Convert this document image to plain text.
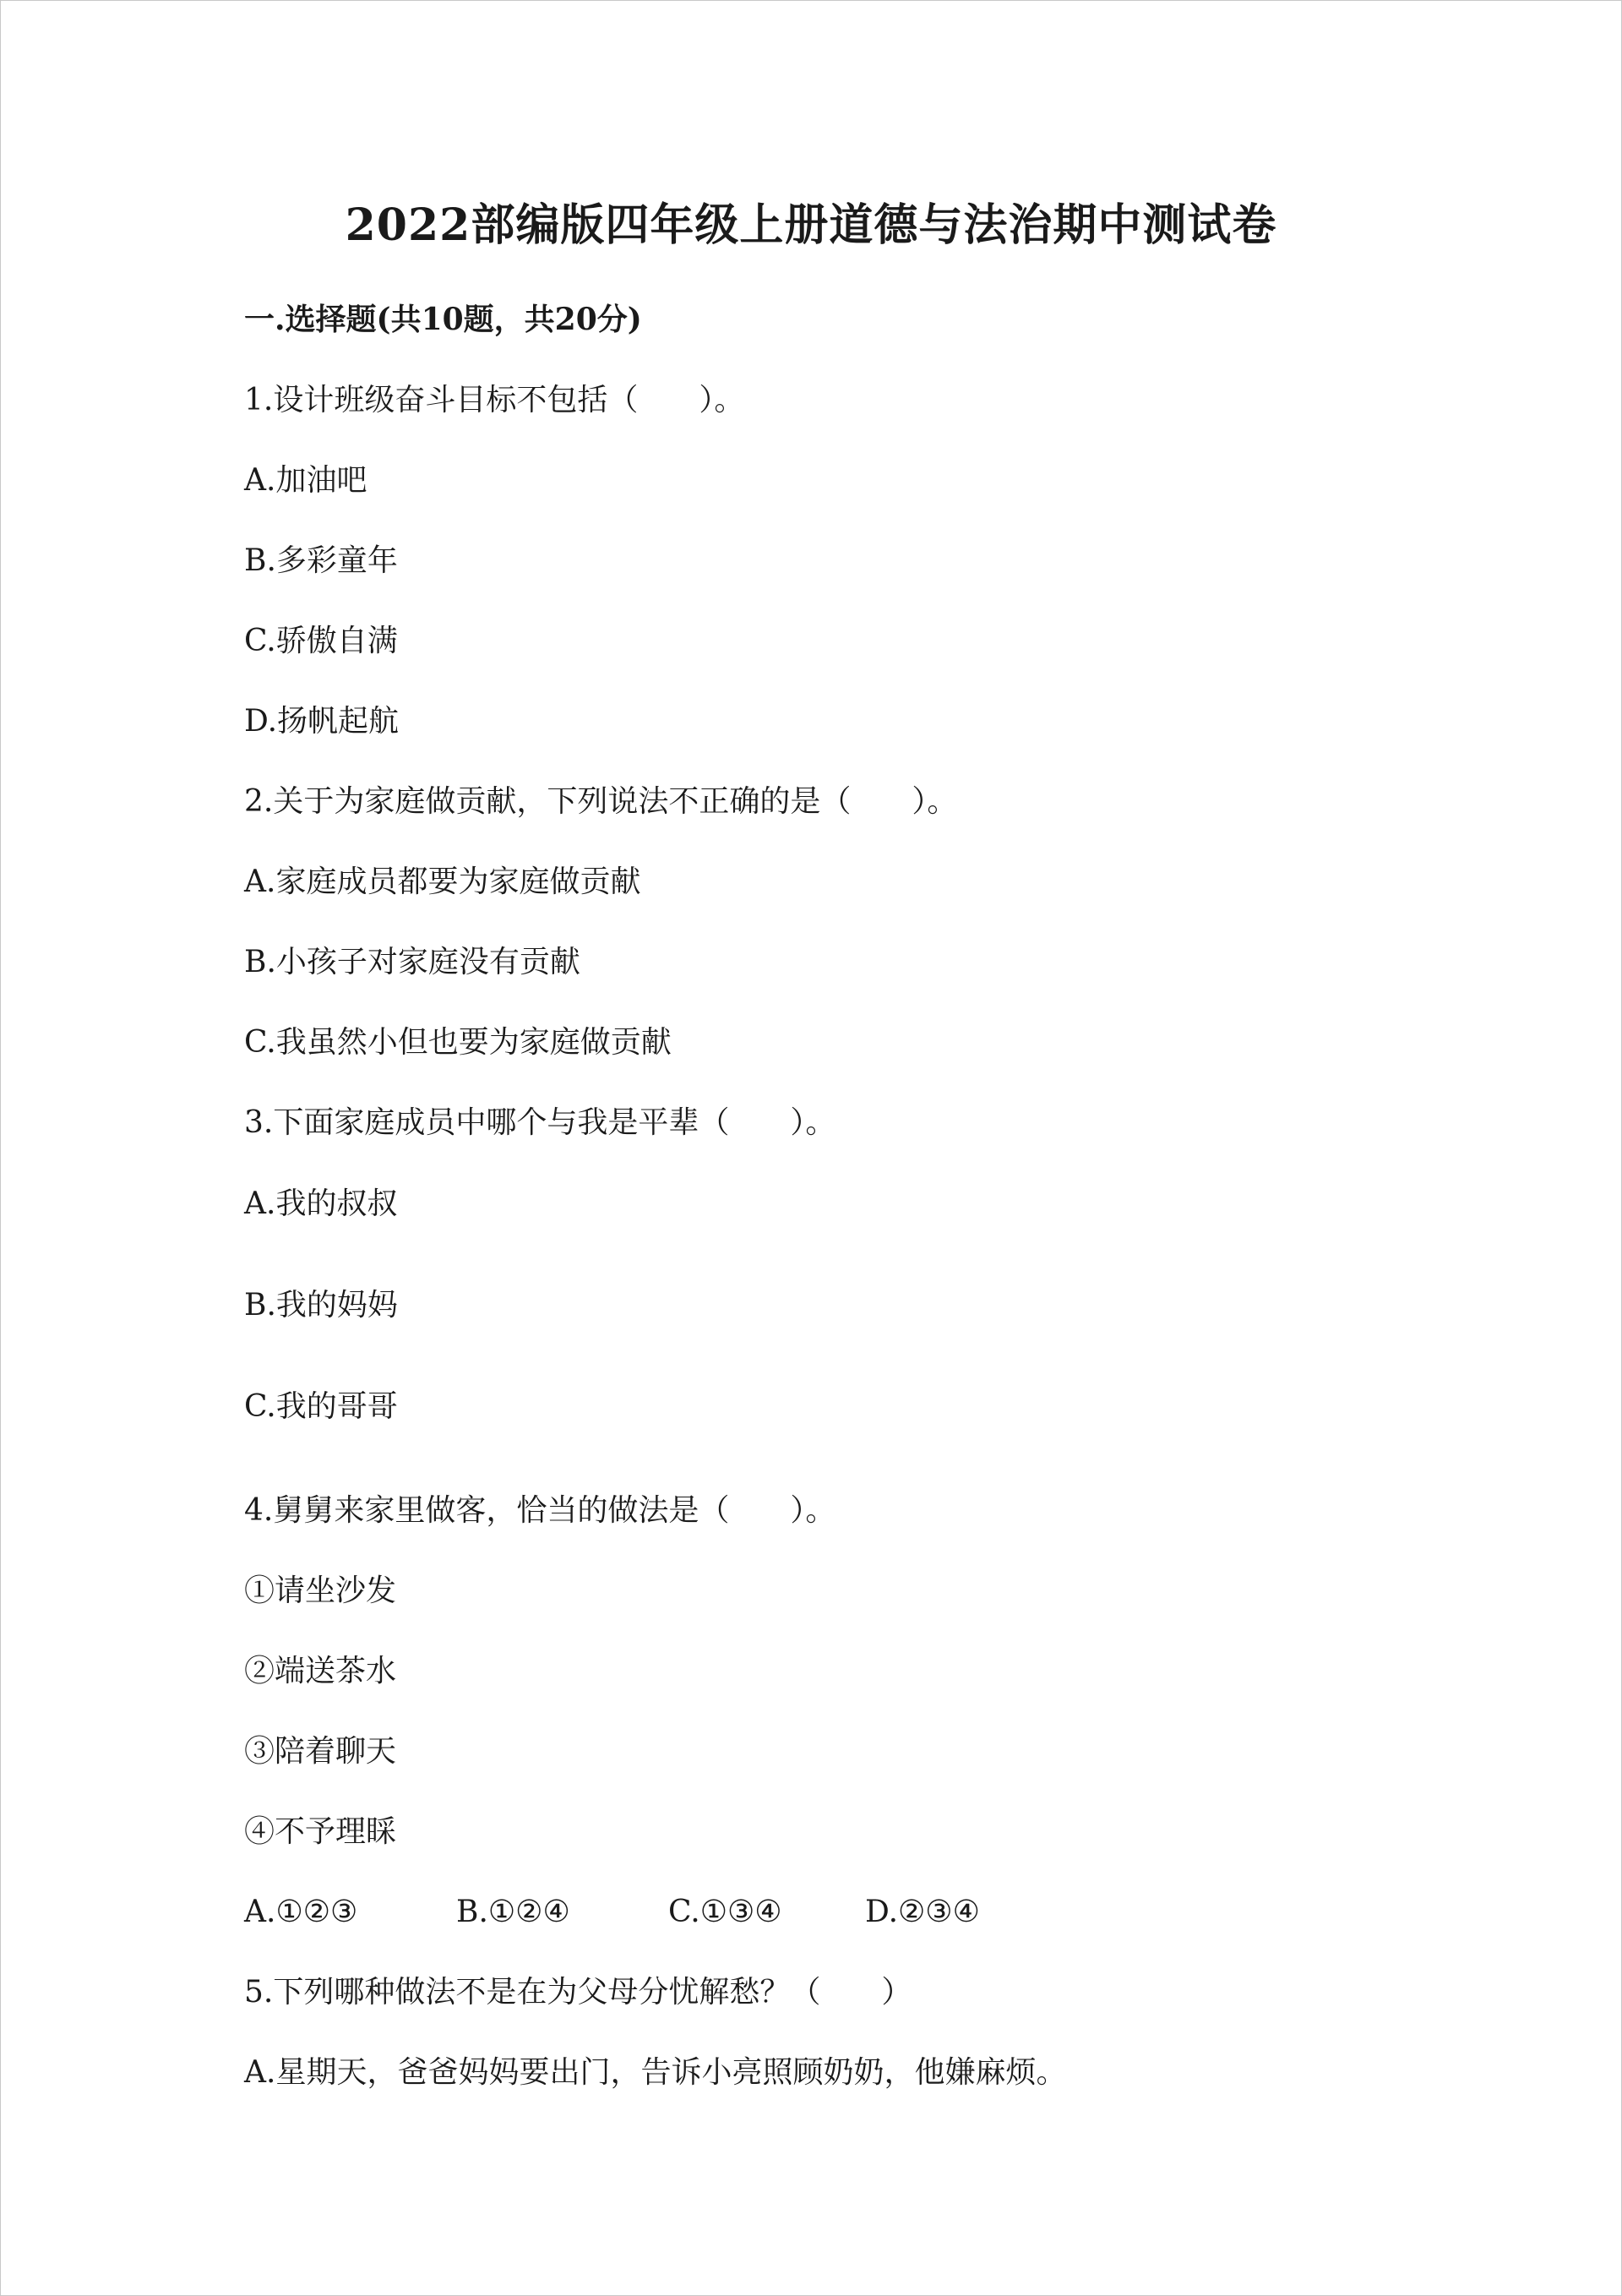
2022部编版四年级上册道德与法治期中测试卷
一.选择题(共10题，共20分)
1.设计班级奋斗目标不包括（　　）。
A.加油吧
B.多彩童年
C.骄傲自满
D.扬帆起航
2.关于为家庭做贡献，下列说法不正确的是（　　）。
A.家庭成员都要为家庭做贡献
B.小孩子对家庭没有贡献
C.我虽然小但也要为家庭做贡献
3.下面家庭成员中哪个与我是平辈（　　）。
A.我的叔叔
B.我的妈妈
C.我的哥哥
4.舅舅来家里做客，恰当的做法是（　　）。
①请坐沙发
②端送茶水
③陪着聊天
④不予理睬
A.①②③	B.①②④	C.①③④	D.②③④
5.下列哪种做法不是在为父母分忧解愁？（　　）
A.星期天，爸爸妈妈要出门，告诉小亮照顾奶奶，他嫌麻烦。
